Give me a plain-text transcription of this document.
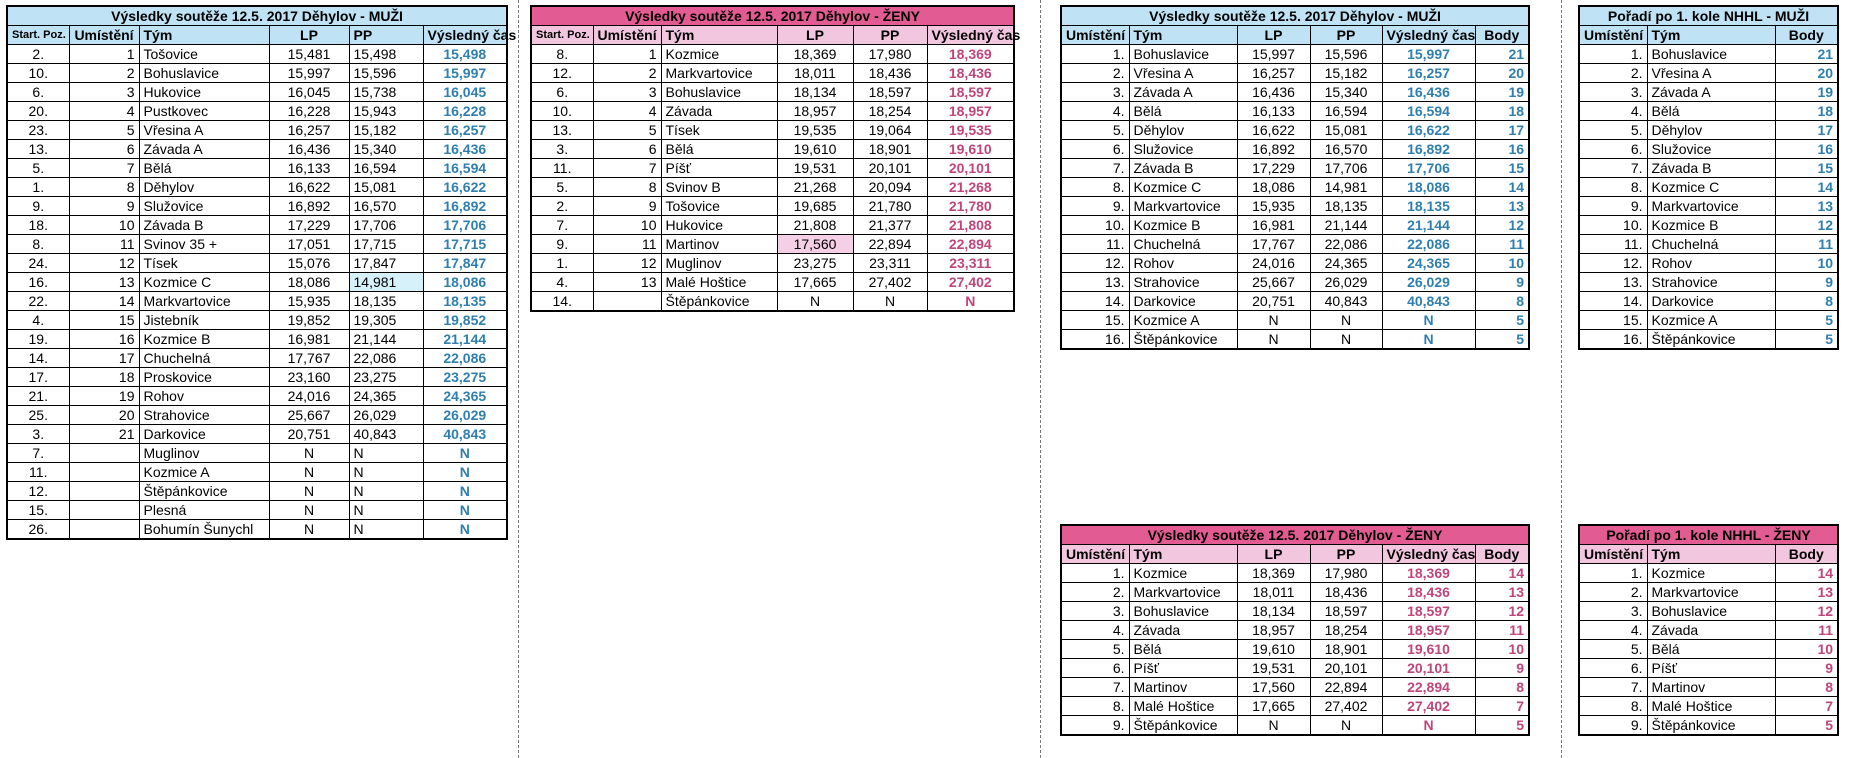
Výsledky soutěže 12.5. 2017 Děhylov - MUŽI					
Start. Poz.	Umístění	Tým	LP	PP	Výsledný čas
2.	1	Tošovice	15,481	15,498	15,498
10.	2	Bohuslavice	15,997	15,596	15,997
6.	3	Hukovice	16,045	15,738	16,045
20.	4	Pustkovec	16,228	15,943	16,228
23.	5	Vřesina A	16,257	15,182	16,257
13.	6	Závada A	16,436	15,340	16,436
5.	7	Bělá	16,133	16,594	16,594
1.	8	Děhylov	16,622	15,081	16,622
9.	9	Služovice	16,892	16,570	16,892
18.	10	Závada B	17,229	17,706	17,706
8.	11	Svinov 35 +	17,051	17,715	17,715
24.	12	Tísek	15,076	17,847	17,847
16.	13	Kozmice C	18,086	14,981	18,086
22.	14	Markvartovice	15,935	18,135	18,135
4.	15	Jistebník	19,852	19,305	19,852
19.	16	Kozmice B	16,981	21,144	21,144
14.	17	Chuchelná	17,767	22,086	22,086
17.	18	Proskovice	23,160	23,275	23,275
21.	19	Rohov	24,016	24,365	24,365
25.	20	Strahovice	25,667	26,029	26,029
3.	21	Darkovice	20,751	40,843	40,843
7.		Muglinov	N	N	N
11.		Kozmice A	N	N	N
12.		Štěpánkovice	N	N	N
15.		Plesná	N	N	N
26.		Bohumín Šunychl	N	N	N
Výsledky soutěže 12.5. 2017 Děhylov - ŽENY					
Start. Poz.	Umístění	Tým	LP	PP	Výsledný čas
8.	1	Kozmice	18,369	17,980	18,369
12.	2	Markvartovice	18,011	18,436	18,436
6.	3	Bohuslavice	18,134	18,597	18,597
10.	4	Závada	18,957	18,254	18,957
13.	5	Tísek	19,535	19,064	19,535
3.	6	Bělá	19,610	18,901	19,610
11.	7	Píšť	19,531	20,101	20,101
5.	8	Svinov B	21,268	20,094	21,268
2.	9	Tošovice	19,685	21,780	21,780
7.	10	Hukovice	21,808	21,377	21,808
9.	11	Martinov	17,560	22,894	22,894
1.	12	Muglinov	23,275	23,311	23,311
4.	13	Malé Hoštice	17,665	27,402	27,402
14.		Štěpánkovice	N	N	N
Výsledky soutěže 12.5. 2017 Děhylov - MUŽI					
Umístění	Tým	LP	PP	Výsledný čas	Body
1.	Bohuslavice	15,997	15,596	15,997	21
2.	Vřesina A	16,257	15,182	16,257	20
3.	Závada A	16,436	15,340	16,436	19
4.	Bělá	16,133	16,594	16,594	18
5.	Děhylov	16,622	15,081	16,622	17
6.	Služovice	16,892	16,570	16,892	16
7.	Závada B	17,229	17,706	17,706	15
8.	Kozmice C	18,086	14,981	18,086	14
9.	Markvartovice	15,935	18,135	18,135	13
10.	Kozmice B	16,981	21,144	21,144	12
11.	Chuchelná	17,767	22,086	22,086	11
12.	Rohov	24,016	24,365	24,365	10
13.	Strahovice	25,667	26,029	26,029	9
14.	Darkovice	20,751	40,843	40,843	8
15.	Kozmice A	N	N	N	5
16.	Štěpánkovice	N	N	N	5
Pořadí po 1. kole NHHL - MUŽI		
Umístění	Tým	Body
1.	Bohuslavice	21
2.	Vřesina A	20
3.	Závada A	19
4.	Bělá	18
5.	Děhylov	17
6.	Služovice	16
7.	Závada B	15
8.	Kozmice C	14
9.	Markvartovice	13
10.	Kozmice B	12
11.	Chuchelná	11
12.	Rohov	10
13.	Strahovice	9
14.	Darkovice	8
15.	Kozmice A	5
16.	Štěpánkovice	5
Výsledky soutěže 12.5. 2017 Děhylov - ŽENY					
Umístění	Tým	LP	PP	Výsledný čas	Body
1.	Kozmice	18,369	17,980	18,369	14
2.	Markvartovice	18,011	18,436	18,436	13
3.	Bohuslavice	18,134	18,597	18,597	12
4.	Závada	18,957	18,254	18,957	11
5.	Bělá	19,610	18,901	19,610	10
6.	Píšť	19,531	20,101	20,101	9
7.	Martinov	17,560	22,894	22,894	8
8.	Malé Hoštice	17,665	27,402	27,402	7
9.	Štěpánkovice	N	N	N	5
Pořadí po 1. kole NHHL - ŽENY		
Umístění	Tým	Body
1.	Kozmice	14
2.	Markvartovice	13
3.	Bohuslavice	12
4.	Závada	11
5.	Bělá	10
6.	Píšť	9
7.	Martinov	8
8.	Malé Hoštice	7
9.	Štěpánkovice	5
